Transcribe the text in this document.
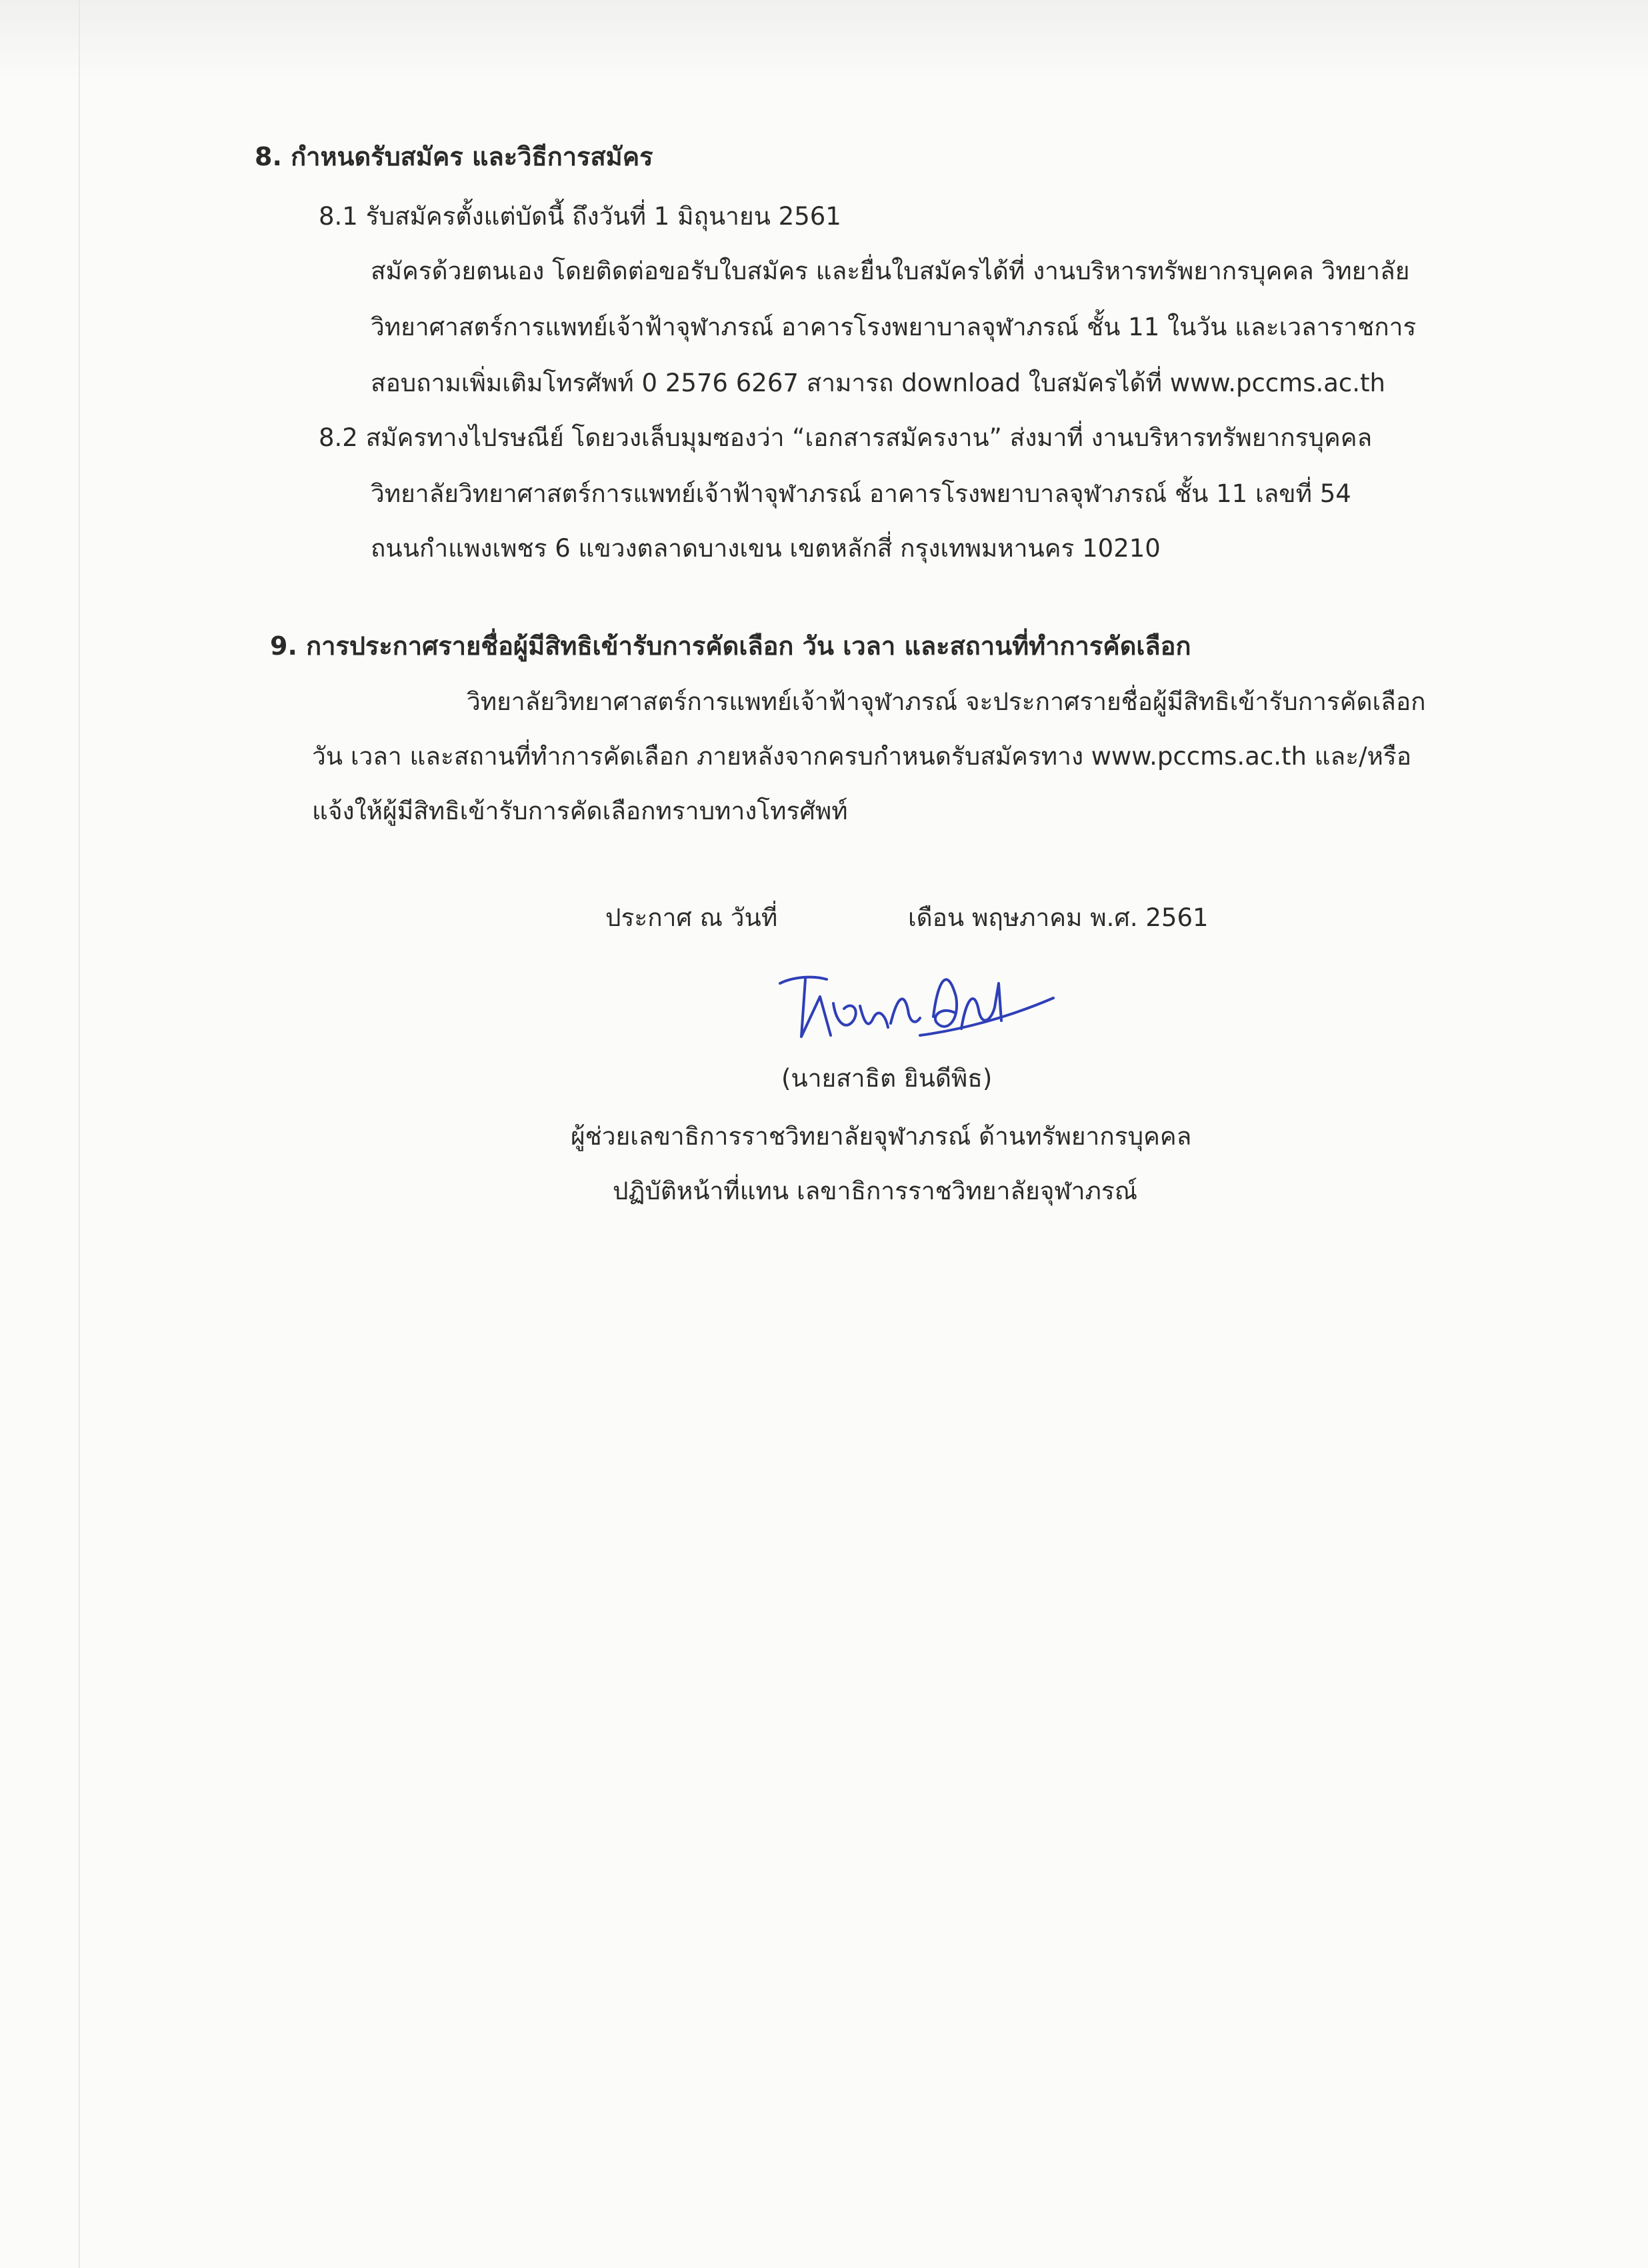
8. กำหนดรับสมัคร และวิธีการสมัคร
8.1 รับสมัครตั้งแต่บัดนี้ ถึงวันที่ 1 มิถุนายน 2561
สมัครด้วยตนเอง โดยติดต่อขอรับใบสมัคร และยื่นใบสมัครได้ที่ งานบริหารทรัพยากรบุคคล วิทยาลัย
วิทยาศาสตร์การแพทย์เจ้าฟ้าจุฬาภรณ์ อาคารโรงพยาบาลจุฬาภรณ์ ชั้น 11 ในวัน และเวลาราชการ
สอบถามเพิ่มเติมโทรศัพท์ 0 2576 6267 สามารถ download ใบสมัครได้ที่ www.pccms.ac.th
8.2 สมัครทางไปรษณีย์ โดยวงเล็บมุมซองว่า “เอกสารสมัครงาน” ส่งมาที่ งานบริหารทรัพยากรบุคคล
วิทยาลัยวิทยาศาสตร์การแพทย์เจ้าฟ้าจุฬาภรณ์ อาคารโรงพยาบาลจุฬาภรณ์ ชั้น 11 เลขที่ 54
ถนนกำแพงเพชร 6 แขวงตลาดบางเขน เขตหลักสี่ กรุงเทพมหานคร 10210
9. การประกาศรายชื่อผู้มีสิทธิเข้ารับการคัดเลือก วัน เวลา และสถานที่ทำการคัดเลือก
วิทยาลัยวิทยาศาสตร์การแพทย์เจ้าฟ้าจุฬาภรณ์ จะประกาศรายชื่อผู้มีสิทธิเข้ารับการคัดเลือก
วัน เวลา และสถานที่ทำการคัดเลือก ภายหลังจากครบกำหนดรับสมัครทาง www.pccms.ac.th และ/หรือ
แจ้งให้ผู้มีสิทธิเข้ารับการคัดเลือกทราบทางโทรศัพท์
ประกาศ ณ วันที่	เดือน พฤษภาคม พ.ศ. 2561
(นายสาธิต ยินดีพิธ)
ผู้ช่วยเลขาธิการราชวิทยาลัยจุฬาภรณ์ ด้านทรัพยากรบุคคล
ปฏิบัติหน้าที่แทน เลขาธิการราชวิทยาลัยจุฬาภรณ์
